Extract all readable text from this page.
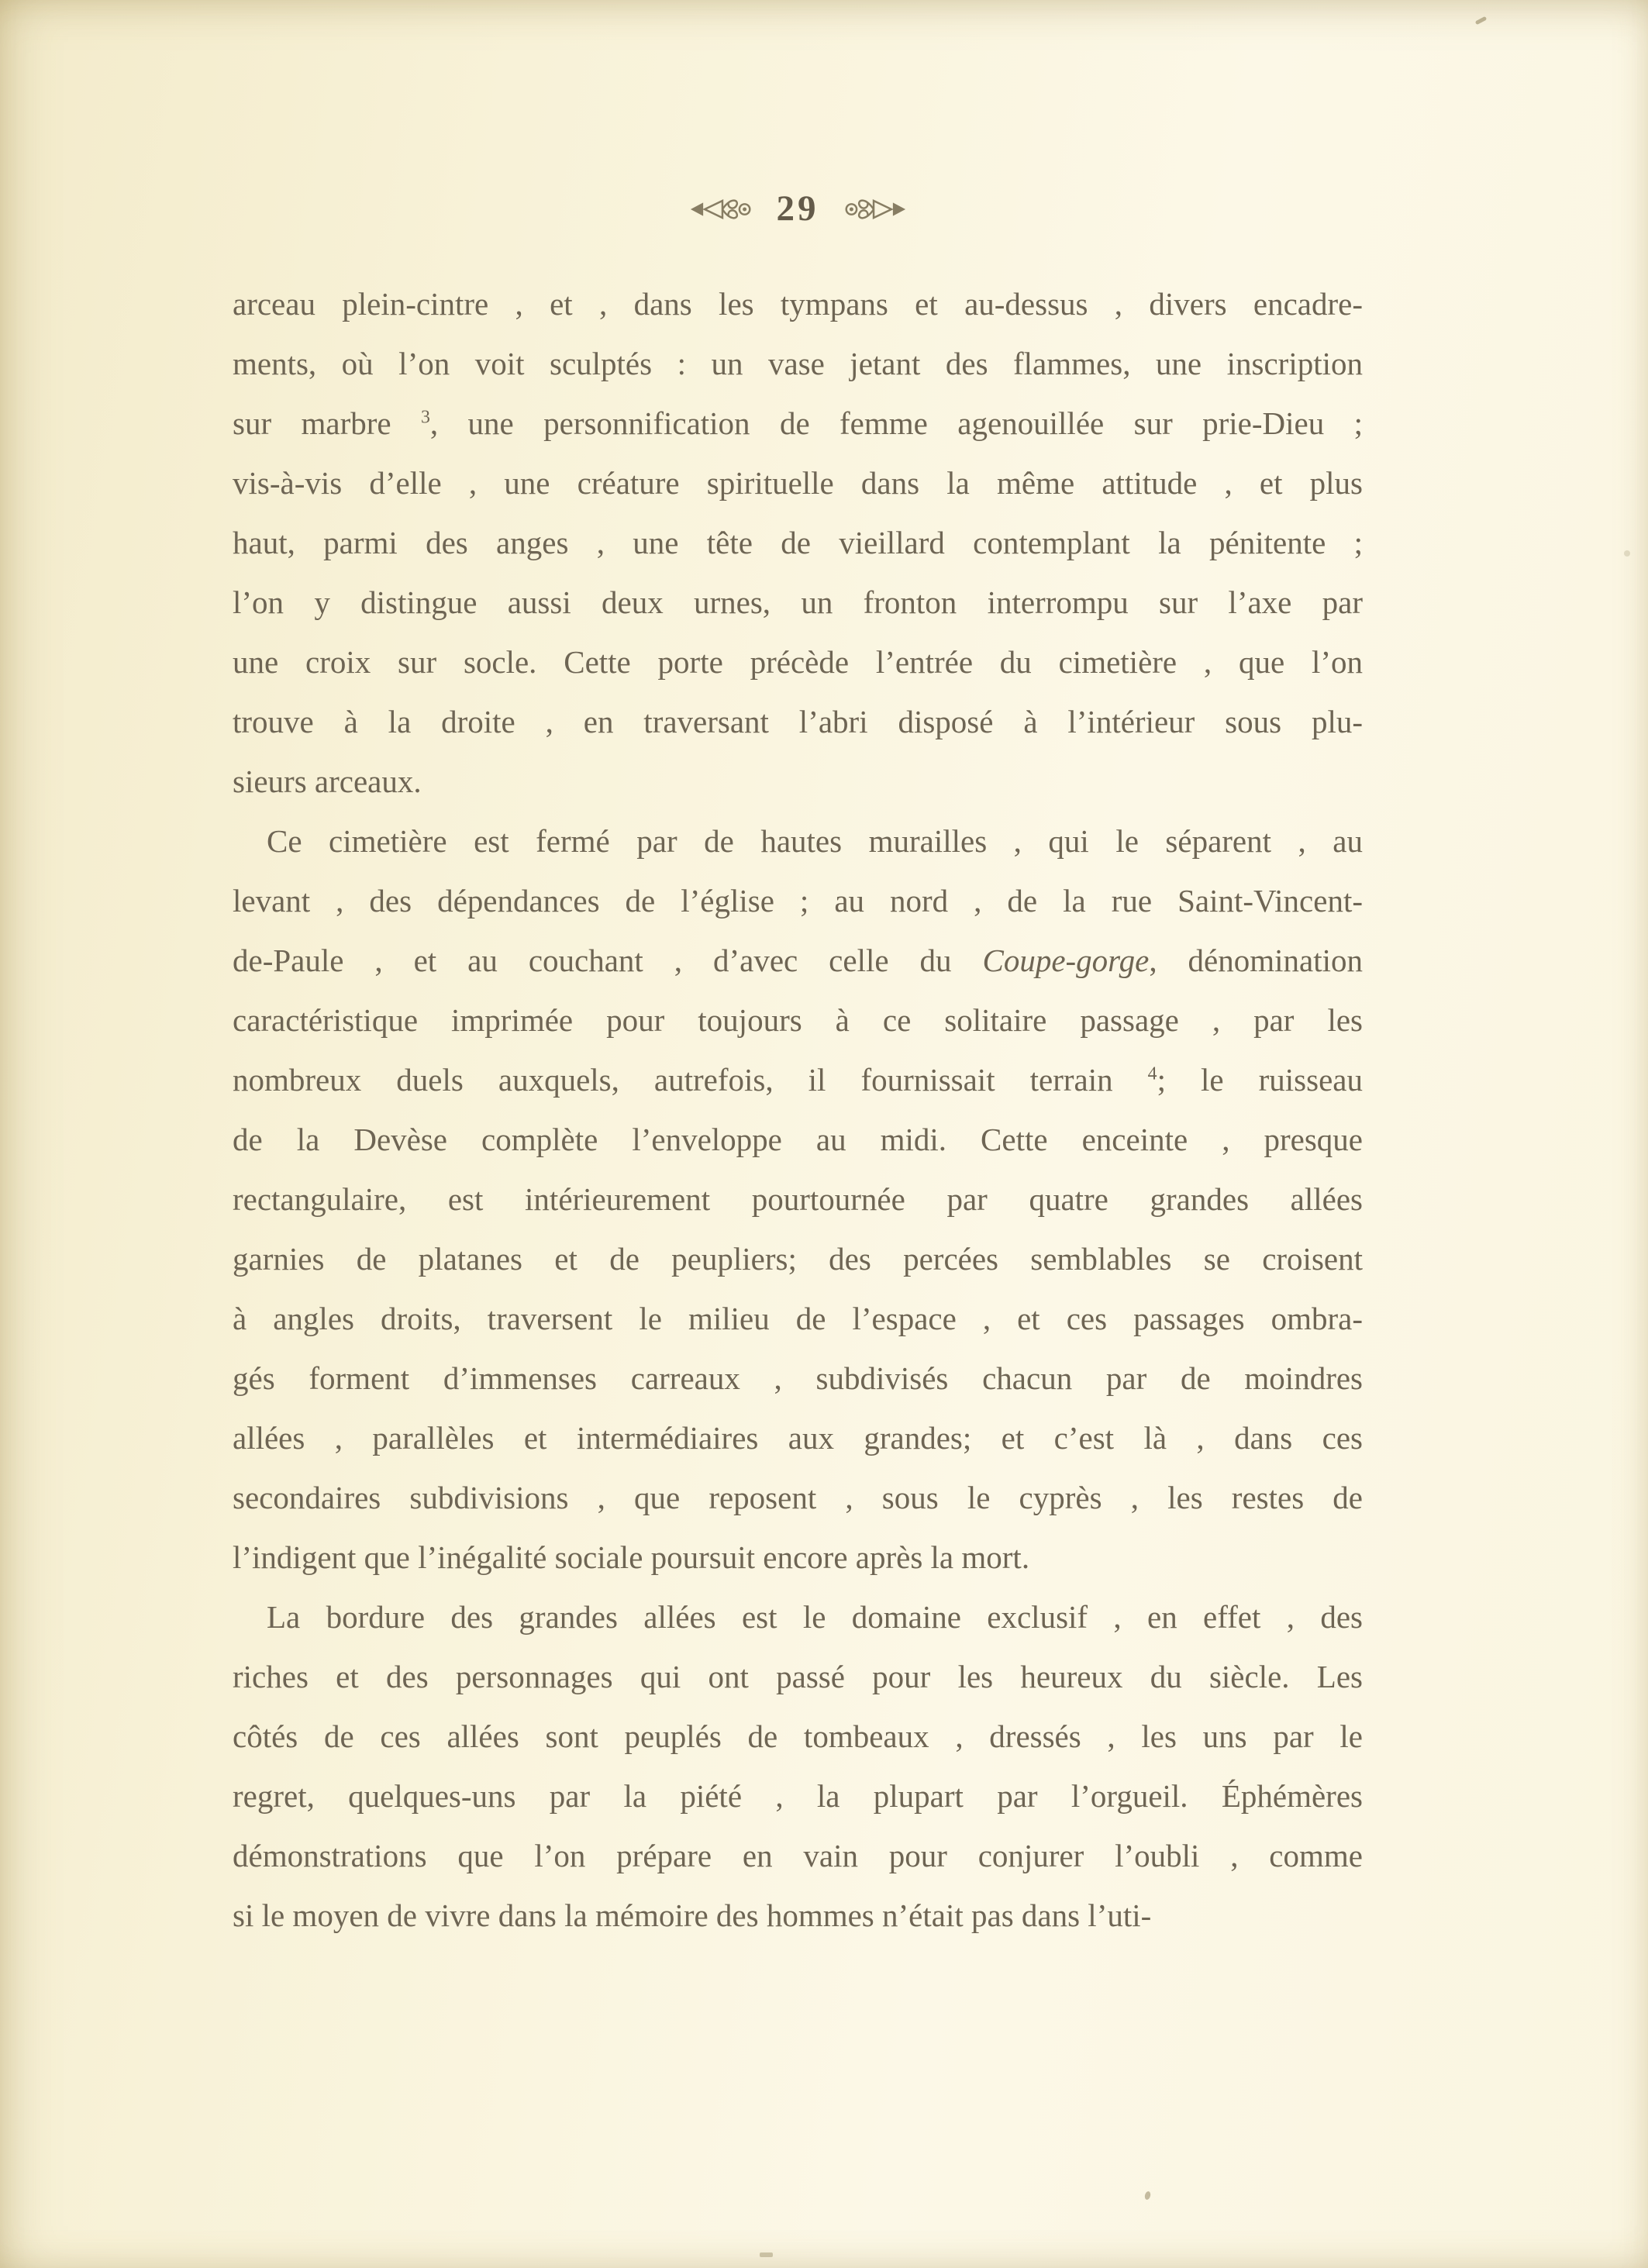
29
arceau plein-cintre , et , dans les tympans et au-dessus , divers encadre-
ments, où l’on voit sculptés : un vase jetant des flammes, une inscription
sur marbre $^3$, une personnification de femme agenouillée sur prie-Dieu ;
vis-à-vis d’elle , une créature spirituelle dans la même attitude , et plus
haut, parmi des anges , une tête de vieillard contemplant la pénitente ;
l’on y distingue aussi deux urnes, un fronton interrompu sur l’axe par
une croix sur socle. Cette porte précède l’entrée du cimetière , que l’on
trouve à la droite , en traversant l’abri disposé à l’intérieur sous plu-
sieurs arceaux.
Ce cimetière est fermé par de hautes murailles , qui le séparent , au
levant , des dépendances de l’église ; au nord , de la rue Saint-Vincent-
de-Paule , et au couchant , d’avec celle du Coupe-gorge, dénomination
caractéristique imprimée pour toujours à ce solitaire passage , par les
nombreux duels auxquels, autrefois, il fournissait terrain $^4$; le ruisseau
de la Devèse complète l’enveloppe au midi. Cette enceinte , presque
rectangulaire, est intérieurement pourtournée par quatre grandes allées
garnies de platanes et de peupliers; des percées semblables se croisent
à angles droits, traversent le milieu de l’espace , et ces passages ombra-
gés forment d’immenses carreaux , subdivisés chacun par de moindres
allées , parallèles et intermédiaires aux grandes; et c’est là , dans ces
secondaires subdivisions , que reposent , sous le cyprès , les restes de
l’indigent que l’inégalité sociale poursuit encore après la mort.
La bordure des grandes allées est le domaine exclusif , en effet , des
riches et des personnages qui ont passé pour les heureux du siècle. Les
côtés de ces allées sont peuplés de tombeaux , dressés , les uns par le
regret, quelques-uns par la piété , la plupart par l’orgueil. Éphémères
démonstrations que l’on prépare en vain pour conjurer l’oubli , comme
si le moyen de vivre dans la mémoire des hommes n’était pas dans l’uti-
